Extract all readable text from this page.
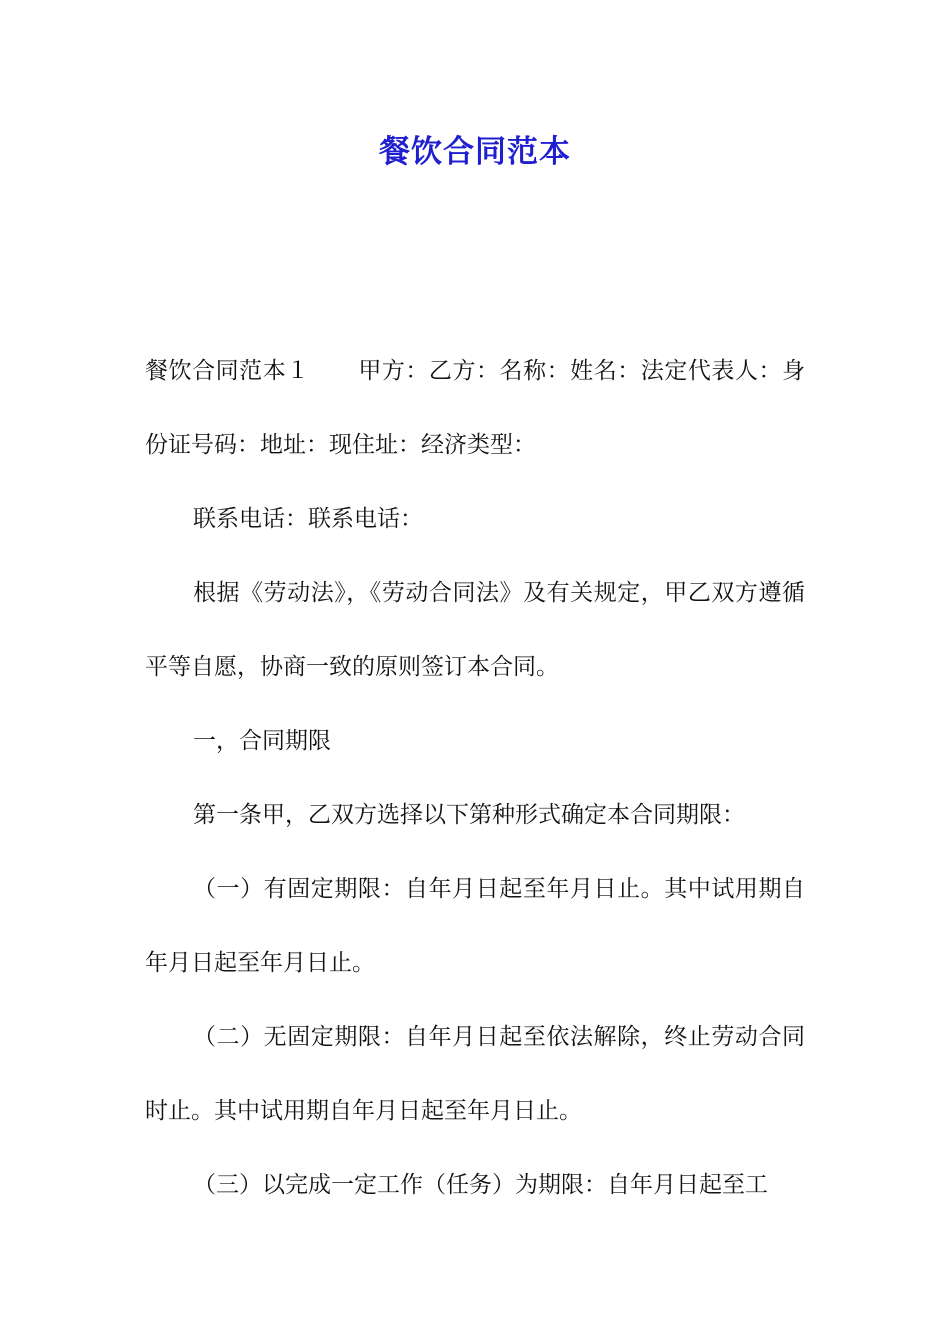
餐饮合同范本

餐饮合同范本１ 甲方：乙方：名称：姓名：法定代表人：身份证号码：地址：现住址：经济类型：

联系电话：联系电话：

根据《劳动法》，《劳动合同法》及有关规定，甲乙双方遵循平等自愿，协商一致的原则签订本合同。

一，合同期限

第一条甲，乙双方选择以下第种形式确定本合同期限：

（一）有固定期限：自年月日起至年月日止。其中试用期自年月日起至年月日止。

（二）无固定期限：自年月日起至依法解除，终止劳动合同时止。其中试用期自年月日起至年月日止。

（三）以完成一定工作（任务）为期限：自年月日起至工
